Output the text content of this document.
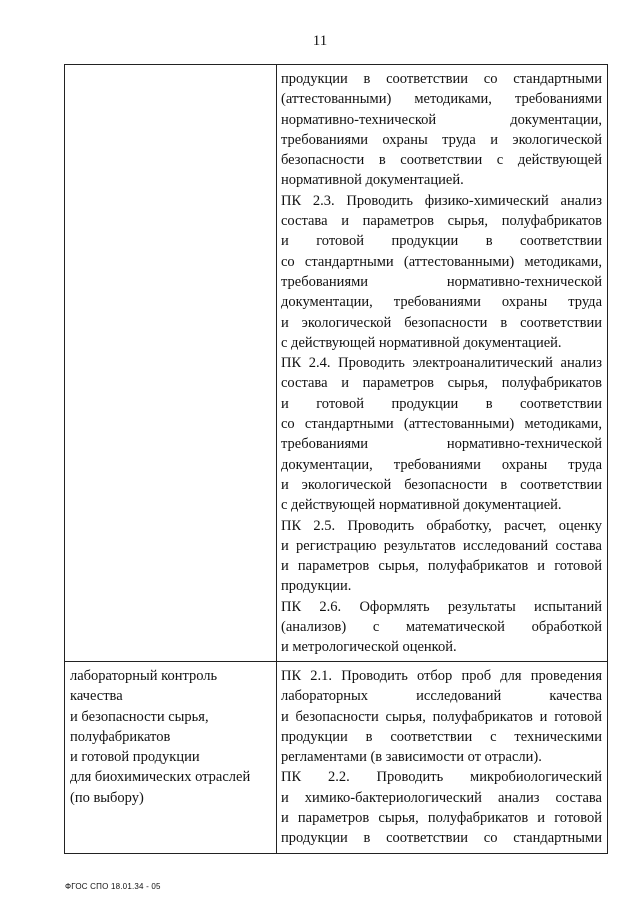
11
продукции в соответствии со стандартными
(аттестованными) методиками, требованиями
нормативно-технической документации,
требованиями охраны труда и экологической
безопасности в соответствии с действующей
нормативной документацией.
ПК 2.3. Проводить физико-химический анализ
состава и параметров сырья, полуфабрикатов
и готовой продукции в соответствии
со стандартными (аттестованными) методиками,
требованиями нормативно-технической
документации, требованиями охраны труда
и экологической безопасности в соответствии
с действующей нормативной документацией.
ПК 2.4. Проводить электроаналитический анализ
состава и параметров сырья, полуфабрикатов
и готовой продукции в соответствии
со стандартными (аттестованными) методиками,
требованиями нормативно-технической
документации, требованиями охраны труда
и экологической безопасности в соответствии
с действующей нормативной документацией.
ПК 2.5. Проводить обработку, расчет, оценку
и регистрацию результатов исследований состава
и параметров сырья, полуфабрикатов и готовой
продукции.
ПК 2.6. Оформлять результаты испытаний
(анализов) с математической обработкой
и метрологической оценкой.
лабораторный контроль
качества
и безопасности сырья,
полуфабрикатов
и готовой продукции
для биохимических отраслей
(по выбору)
ПК 2.1. Проводить отбор проб для проведения
лабораторных исследований качества
и безопасности сырья, полуфабрикатов и готовой
продукции в соответствии с техническими
регламентами (в зависимости от отрасли).
ПК 2.2. Проводить микробиологический
и химико-бактериологический анализ состава
и параметров сырья, полуфабрикатов и готовой
продукции в соответствии со стандартными
ФГОС СПО 18.01.34 - 05
